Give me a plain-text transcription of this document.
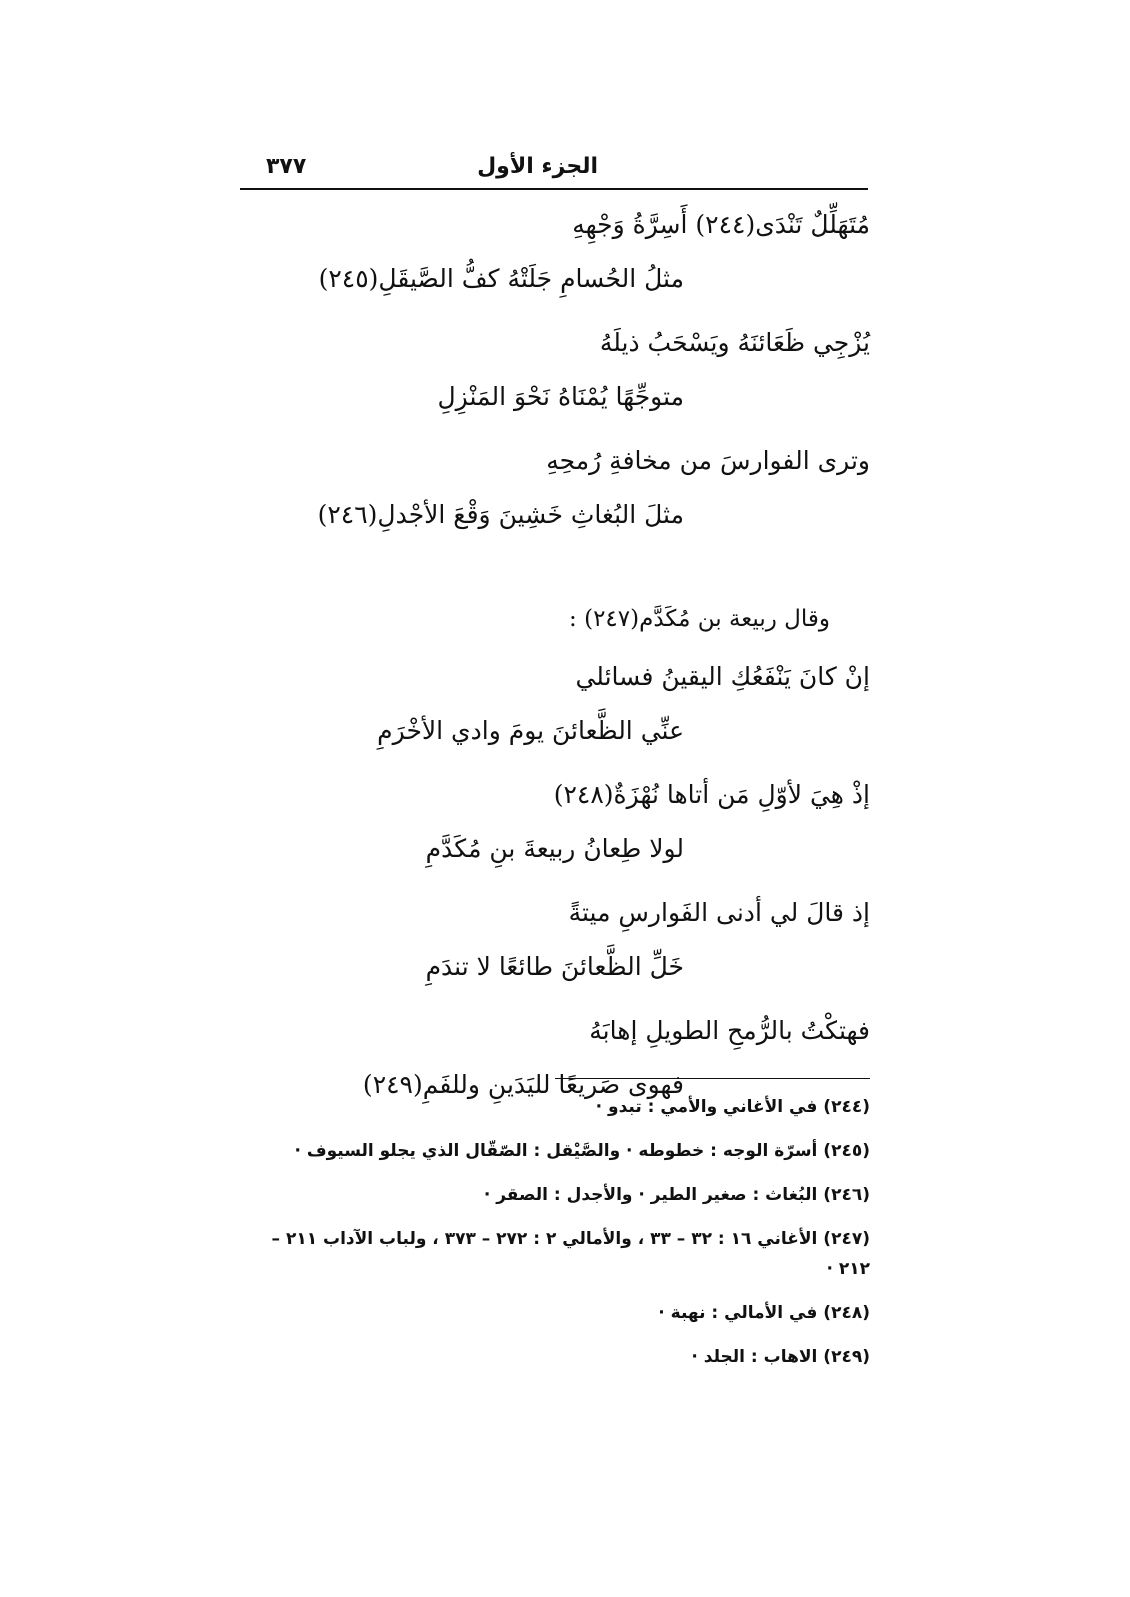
الجزء الأول
٣٧٧
مُتَهَلِّلٌ تَنْدَى(٢٤٤) أَسِرَّةُ وَجْهِهِ
مثلُ الحُسامِ جَلَتْهُ كفُّ الصَّيقَلِ(٢٤٥)
يُزْجِي ظَعَائنَهُ ويَسْحَبُ ذيلَهُ
متوجِّهًا يُمْنَاهُ نَحْوَ المَنْزِلِ
وترى الفوارسَ من مخافةِ رُمحِهِ
مثلَ البُغاثِ خَشِينَ وَقْعَ الأجْدلِ(٢٤٦)
وقال ربيعة بن مُكَدَّم(٢٤٧) :
إنْ كانَ يَنْفَعُكِ اليقينُ فسائلي
عنِّي الظَّعائنَ يومَ وادي الأخْرَمِ
إذْ هِيَ لأوّلِ مَن أتاها نُهْزَةٌ(٢٤٨)
لولا طِعانُ ربيعةَ بنِ مُكَدَّمِ
إذ قالَ لي أدنى الفَوارسِ ميتةً
خَلِّ الظَّعائنَ طائعًا لا تندَمِ
فهتكْتُ بالرُّمحِ الطويلِ إهابَهُ
فهوى صَريعًا لليَدَينِ وللفَمِ(٢٤٩)
(٢٤٤) في الأغاني والأمي : تبدو ·
(٢٤٥) أسرّة الوجه : خطوطه · والصَّيْقل : الصّقّال الذي يجلو السيوف ·
(٢٤٦) البُغاث : صغير الطير · والأجدل : الصقر ·
(٢٤٧) الأغاني ١٦ : ٣٢ – ٣٣ ، والأمالي ٢ : ٢٧٢ – ٣٧٣ ، ولباب الآداب ٢١١ – ٢١٢ ·
(٢٤٨) في الأمالي : نهبة ·
(٢٤٩) الاهاب : الجلد ·
